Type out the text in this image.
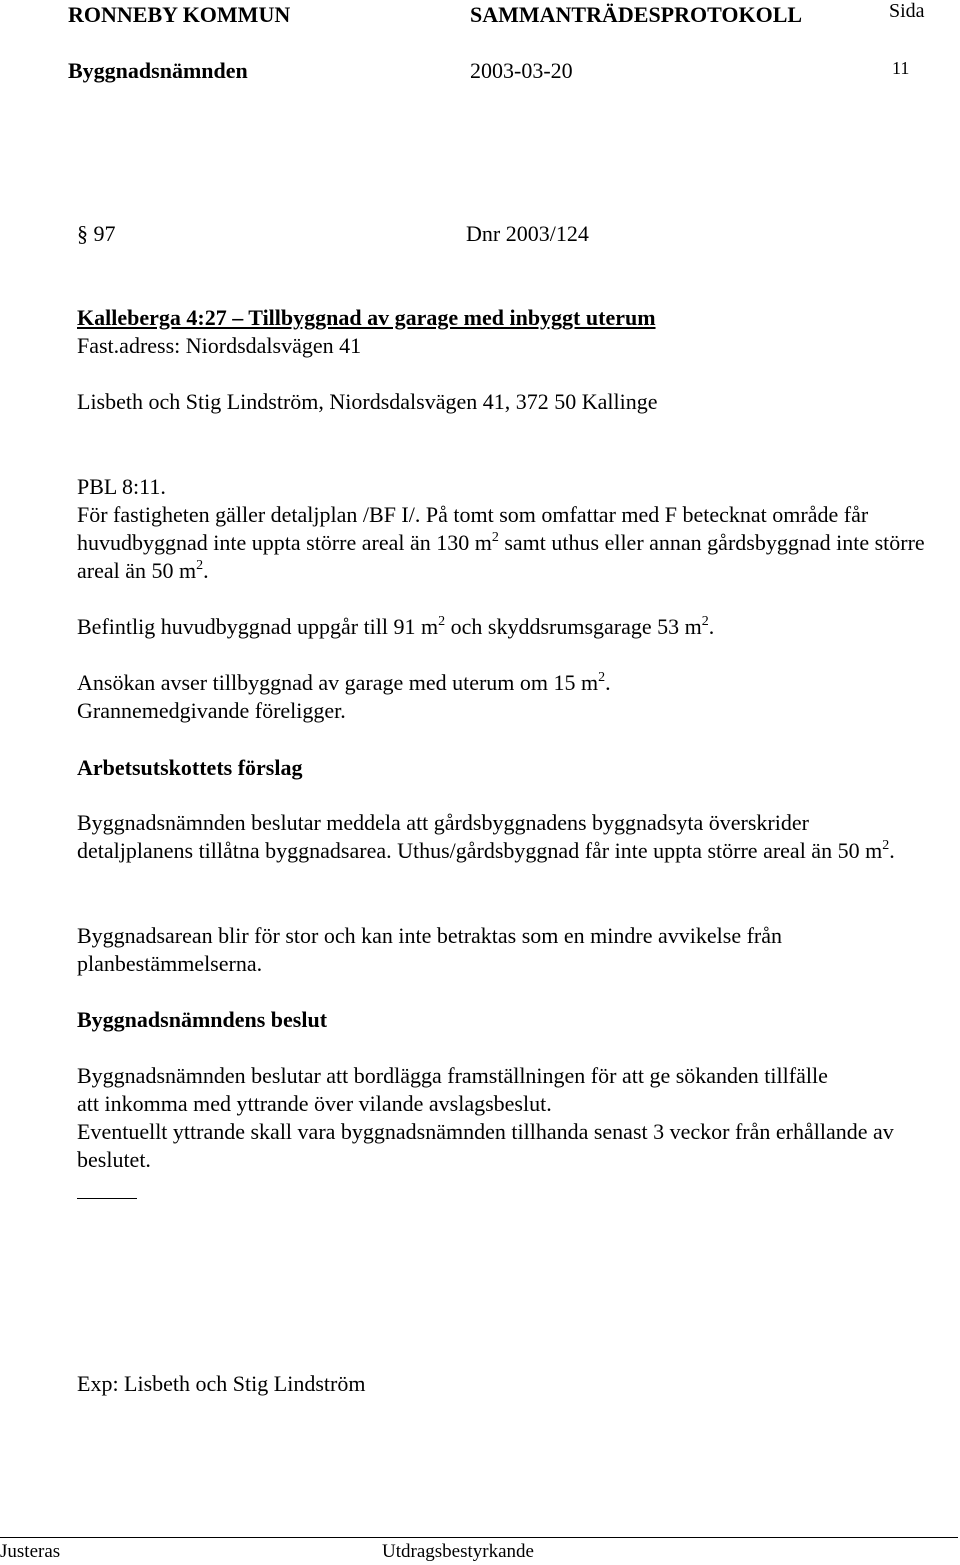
RONNEBY KOMMUN	SAMMANTRÄDESPROTOKOLL	Sida
Byggnadsnämnden	2003-03-20	11
§ 97	Dnr 2003/124
Kalleberga 4:27 – Tillbyggnad av garage med inbyggt uterum
Fast.adress: Niordsdalsvägen 41
Lisbeth och Stig Lindström, Niordsdalsvägen 41, 372 50 Kallinge
PBL 8:11.
För fastigheten gäller detaljplan /BF I/. På tomt som omfattar med F betecknat område får huvudbyggnad inte uppta större areal än 130 $m^2$ samt uthus eller annan gårdsbyggnad inte större areal än 50 $m^2$.
Befintlig huvudbyggnad uppgår till 91 $m^2$ och skyddsrumsgarage 53 $m^2$.
Ansökan avser tillbyggnad av garage med uterum om 15 $m^2$.
Grannemedgivande föreligger.
Arbetsutskottets förslag
Byggnadsnämnden beslutar meddela att gårdsbyggnadens byggnadsyta överskrider detaljplanens tillåtna byggnadsarea. Uthus/gårdsbyggnad får inte uppta större areal än 50 $m^2$.
Byggnadsarean blir för stor och kan inte betraktas som en mindre avvikelse från planbestämmelserna.
Byggnadsnämndens beslut
Byggnadsnämnden beslutar att bordlägga framställningen för att ge sökanden tillfälle att inkomma med yttrande över vilande avslagsbeslut.
Eventuellt yttrande skall vara byggnadsnämnden tillhanda senast 3 veckor från erhållande av beslutet.
Exp: Lisbeth och Stig Lindström
Justeras	Utdragsbestyrkande
